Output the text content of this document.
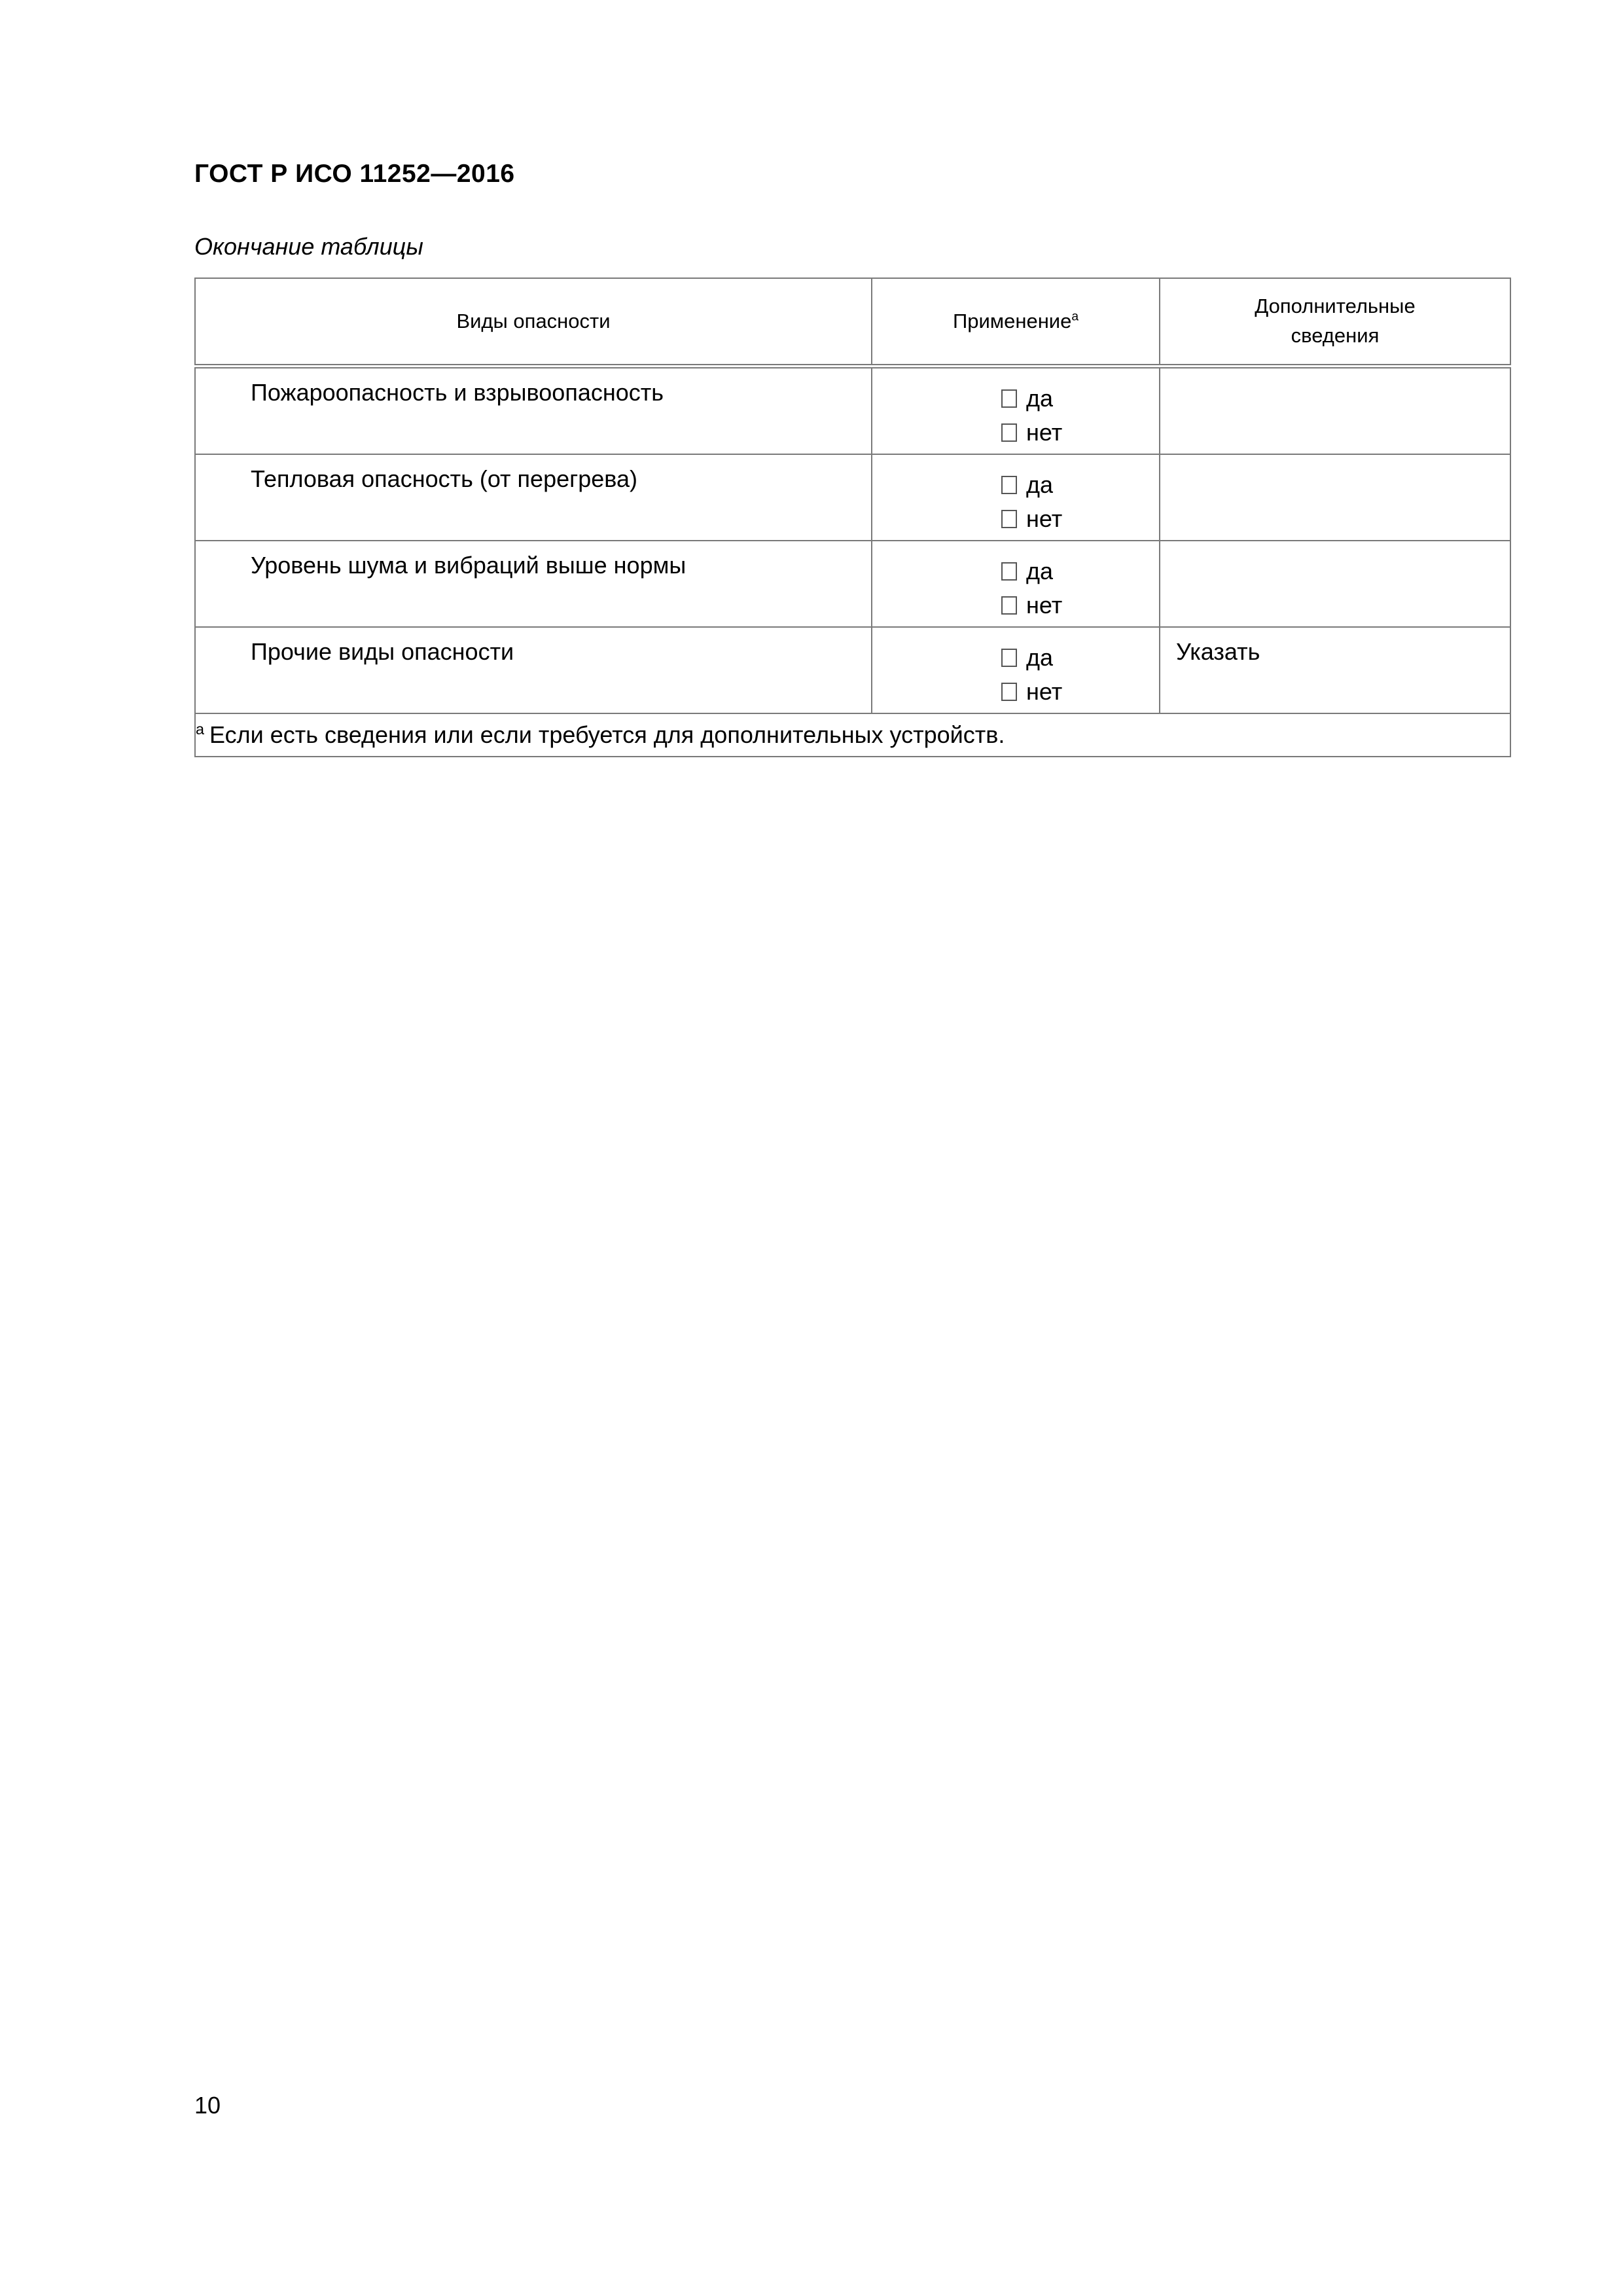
ГОСТ Р ИСО 11252—2016
Окончание таблицы
Виды опасности	Применение$^а$	Дополнительные
сведения

Пожароопасность и взрывоопасность	да
нет	

Тепловая опасность (от перегрева)	да
нет	

Уровень шума и вибраций выше нормы	да
нет	

Прочие виды опасности	да
нет	Указать

$^а$ Если есть сведения или если требуется для дополнительных устройств.		
10
